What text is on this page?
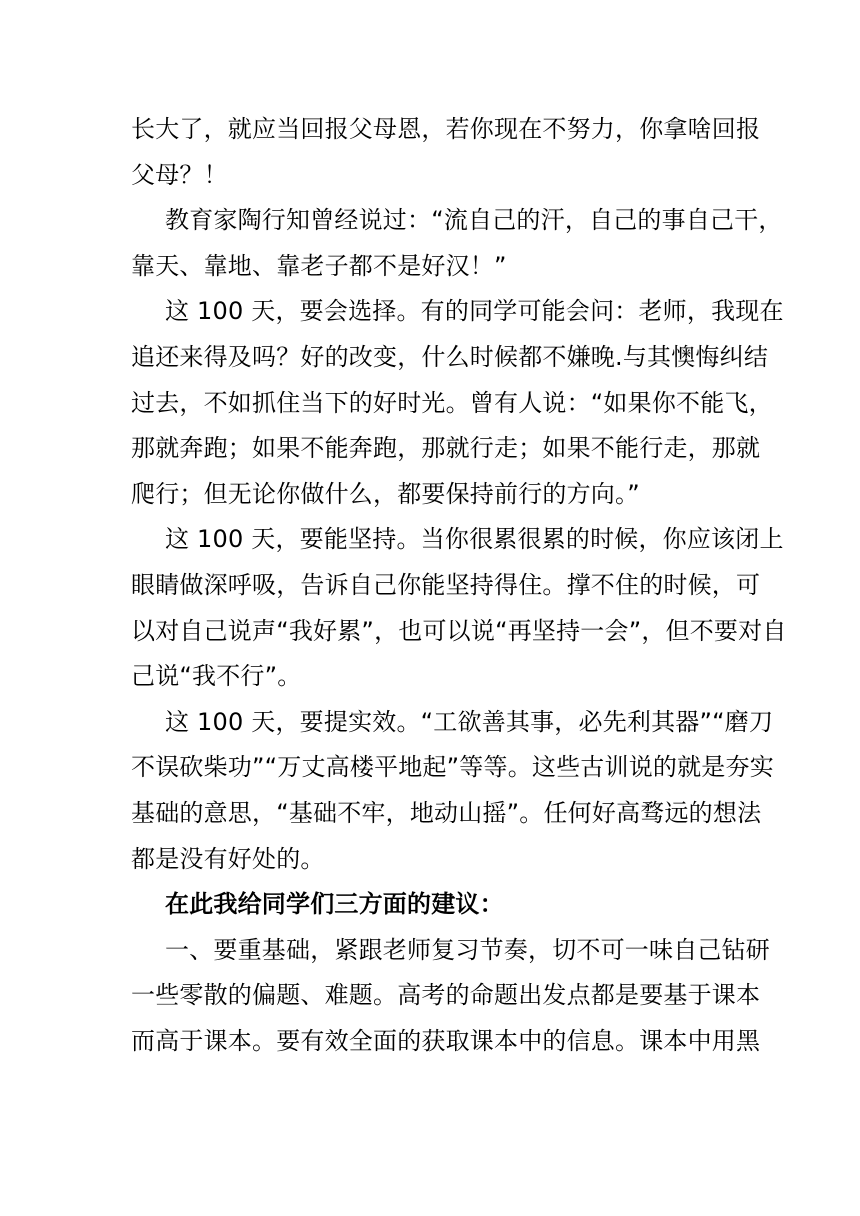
长大了，就应当回报父母恩，若你现在不努力，你拿啥回报
父母？！
教育家陶行知曾经说过：“流自己的汗，自己的事自己干，
靠天、靠地、靠老子都不是好汉！”
这 100 天，要会选择。有的同学可能会问：老师，我现在
追还来得及吗？好的改变，什么时候都不嫌晚.与其懊悔纠结
过去，不如抓住当下的好时光。曾有人说：“如果你不能飞，
那就奔跑；如果不能奔跑，那就行走；如果不能行走，那就
爬行；但无论你做什么，都要保持前行的方向。”
这 100 天，要能坚持。当你很累很累的时候，你应该闭上
眼睛做深呼吸，告诉自己你能坚持得住。撑不住的时候，可
以对自己说声“我好累”，也可以说“再坚持一会”，但不要对自
己说“我不行”。
这 100 天，要提实效。“工欲善其事，必先利其器”“磨刀
不误砍柴功”“万丈高楼平地起”等等。这些古训说的就是夯实
基础的意思，“基础不牢，地动山摇”。任何好高骛远的想法
都是没有好处的。
在此我给同学们三方面的建议：
一、要重基础，紧跟老师复习节奏，切不可一味自己钻研
一些零散的偏题、难题。高考的命题出发点都是要基于课本
而高于课本。要有效全面的获取课本中的信息。课本中用黑
